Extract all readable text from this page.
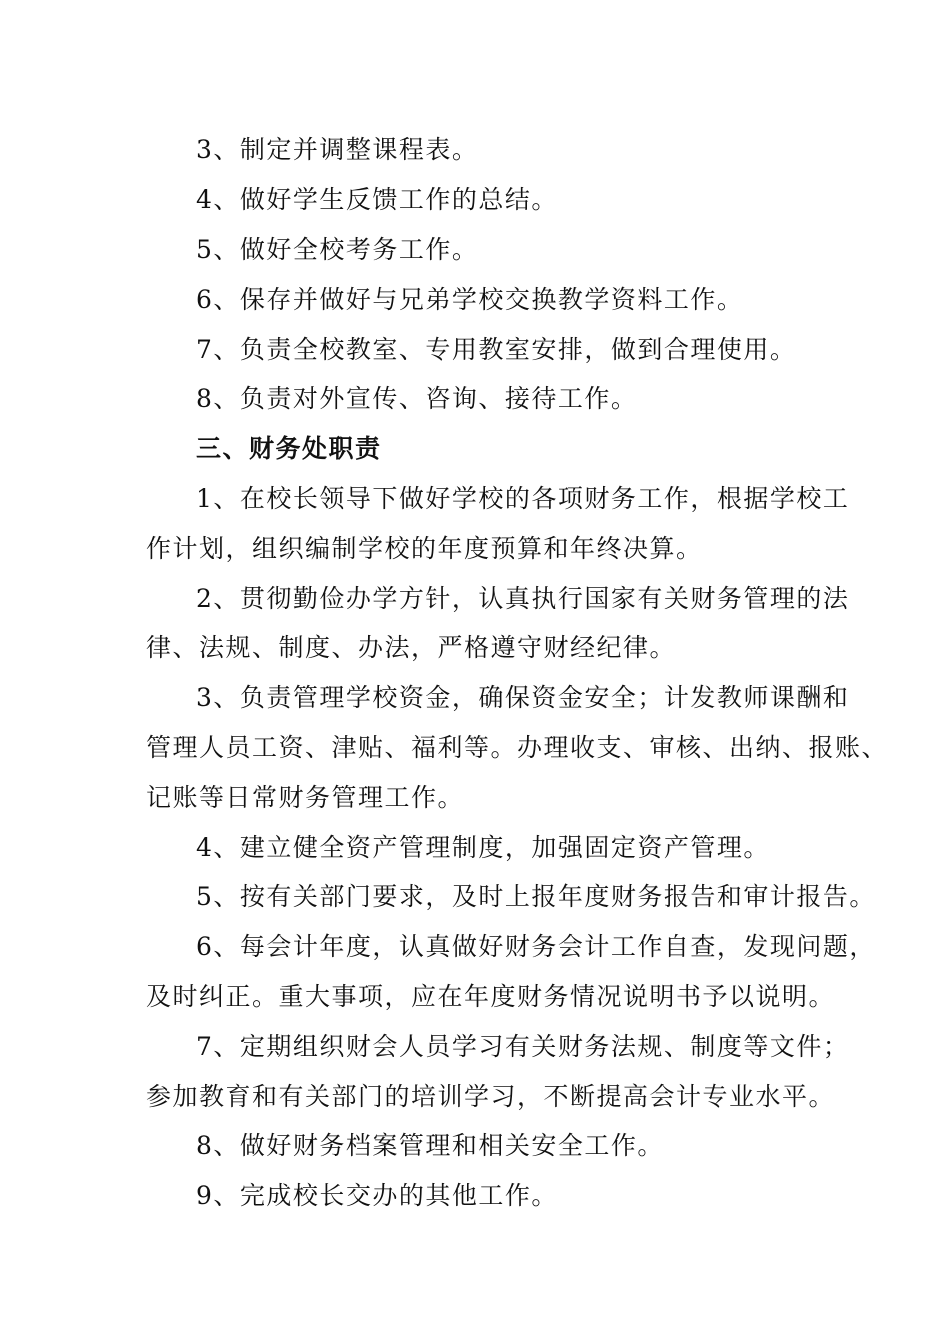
3、制定并调整课程表。

4、做好学生反馈工作的总结。

5、做好全校考务工作。

6、保存并做好与兄弟学校交换教学资料工作。

7、负责全校教室、专用教室安排，做到合理使用。

8、负责对外宣传、咨询、接待工作。

三、财务处职责

1、在校长领导下做好学校的各项财务工作，根据学校工

作计划，组织编制学校的年度预算和年终决算。

2、贯彻勤俭办学方针，认真执行国家有关财务管理的法

律、法规、制度、办法，严格遵守财经纪律。

3、负责管理学校资金，确保资金安全；计发教师课酬和

管理人员工资、津贴、福利等。办理收支、审核、出纳、报账、

记账等日常财务管理工作。

4、建立健全资产管理制度，加强固定资产管理。

5、按有关部门要求，及时上报年度财务报告和审计报告。

6、每会计年度，认真做好财务会计工作自查，发现问题，

及时纠正。重大事项，应在年度财务情况说明书予以说明。

7、定期组织财会人员学习有关财务法规、制度等文件；

参加教育和有关部门的培训学习，不断提高会计专业水平。

8、做好财务档案管理和相关安全工作。

9、完成校长交办的其他工作。
